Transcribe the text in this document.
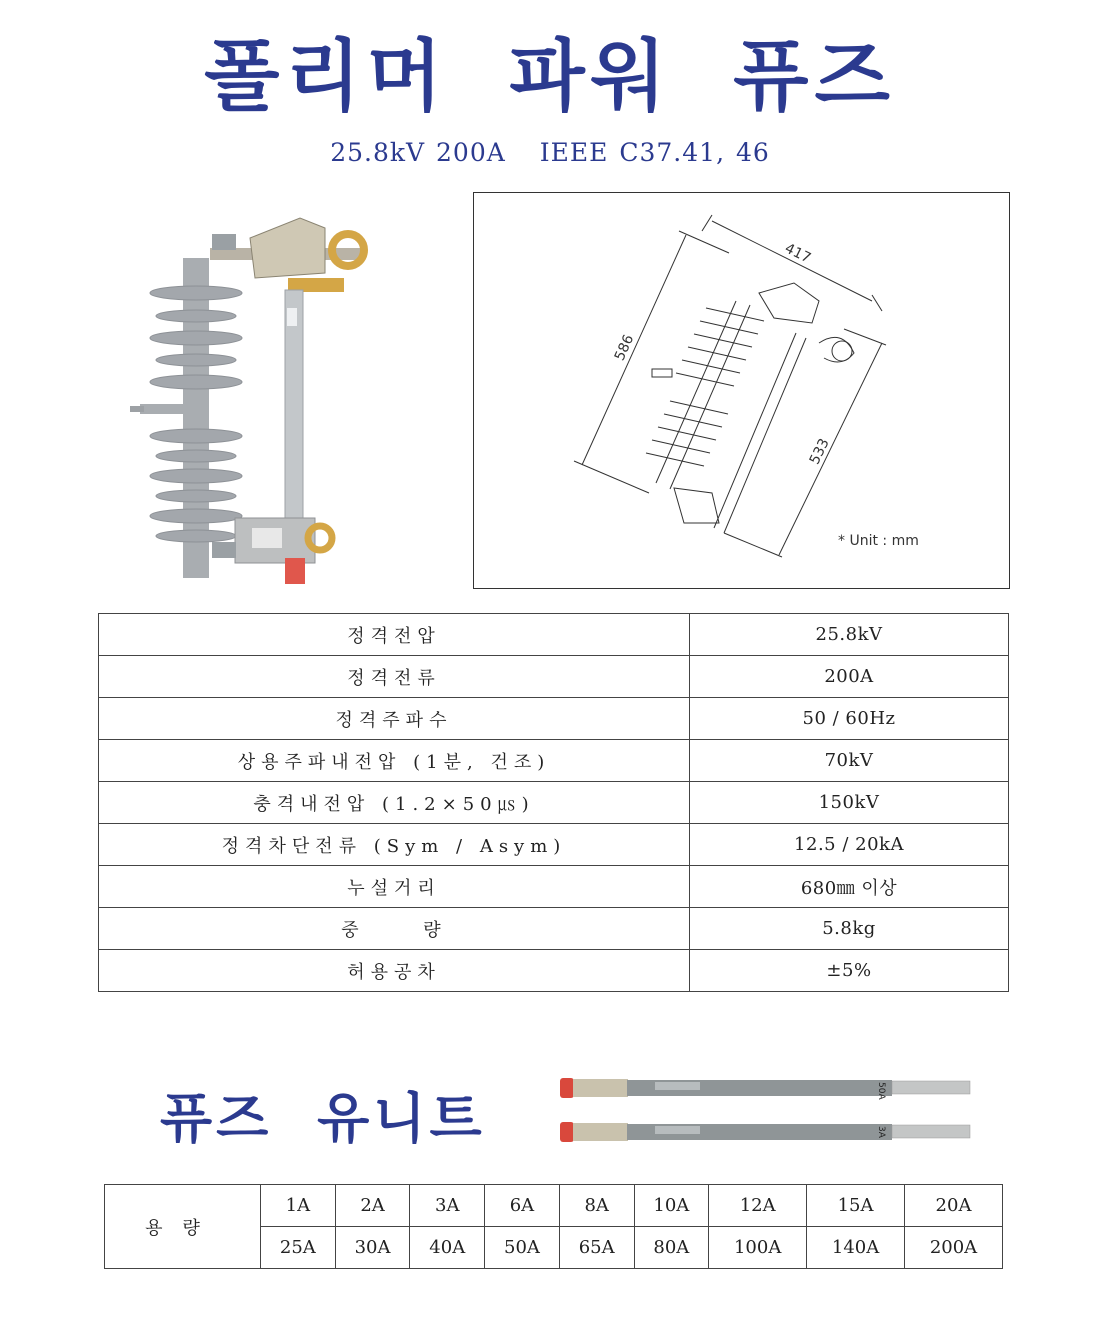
폴리머 파워 퓨즈
25.8kV 200A IEEE C37.41, 46
417
586
533
* Unit : mm
정격전압	25.8kV
정격전류	200A
정격주파수	50 / 60Hz
상용주파내전압 (1분, 건조)	70kV
충격내전압 (1.2×50㎲)	150kV
정격차단전류 (Sym / Asym)	12.5 / 20kA
누설거리	680㎜ 이상
중     량	5.8kg
허용공차	±5%
퓨즈 유니트	50A
3A
용량	1A	2A	3A	6A	8A	10A	12A	15A	20A
	25A	30A	40A	50A	65A	80A	100A	140A	200A
